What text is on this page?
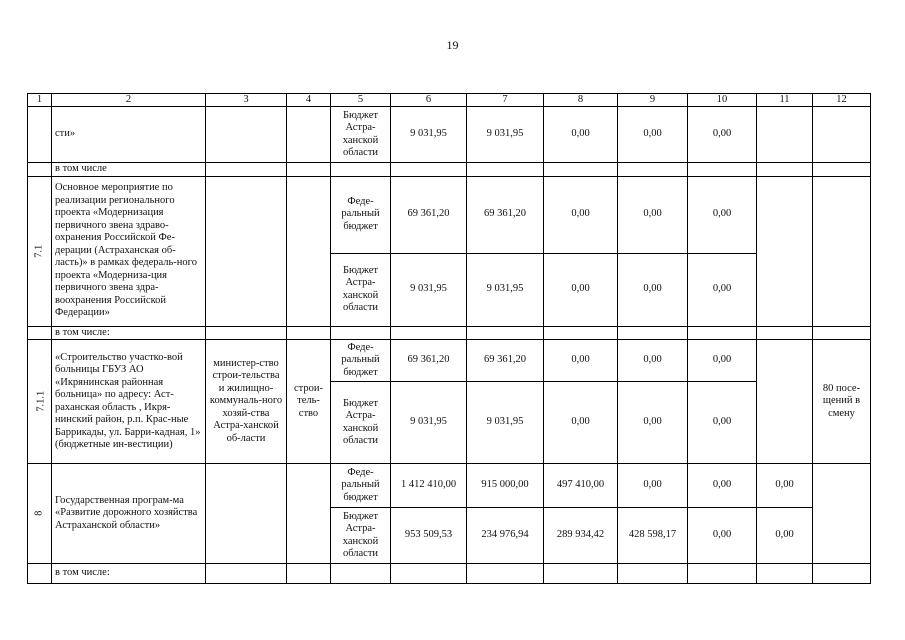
19
1	2	3	4	5	6	7	8	9	10	11	12
	сти»			Бюджет Астра-ханской области	9 031,95	9 031,95	0,00	0,00	0,00		
	в том числе										
7.1	Основное мероприятие по реализации регионального проекта «Модернизация первичного звена здраво-охранения Российской Фе-дерации (Астраханская об-ласть)» в рамках федераль-ного проекта «Модерниза-ция первичного звена здра-воохранения Российской Федерации»			Феде-ральный бюджет	69 361,20	69 361,20	0,00	0,00	0,00		
				Бюджет Астра-ханской области	9 031,95	9 031,95	0,00	0,00	0,00		
	в том числе:										
7.1.1	«Строительство участко-вой больницы ГБУЗ АО «Икрянинская районная больница» по адресу: Аст-раханская область , Икря-нинский район, р.п. Крас-ные Баррикады, ул. Барри-кадная, 1» (бюджетные ин-вестиции)	министер-ство строи-тельства и жилищно-коммуналь-ного хозяй-ства Астра-ханской об-ласти	строи-тель-ство	Феде-ральный бюджет	69 361,20	69 361,20	0,00	0,00	0,00		80 посе-щений в смену
				Бюджет Астра-ханской области	9 031,95	9 031,95	0,00	0,00	0,00		
8	Государственная програм-ма «Развитие дорожного хозяйства Астраханской области»			Феде-ральный бюджет	1 412 410,00	915 000,00	497 410,00	0,00	0,00	0,00	
				Бюджет Астра-ханской области	953 509,53	234 976,94	289 934,42	428 598,17	0,00	0,00	
	в том числе:										
